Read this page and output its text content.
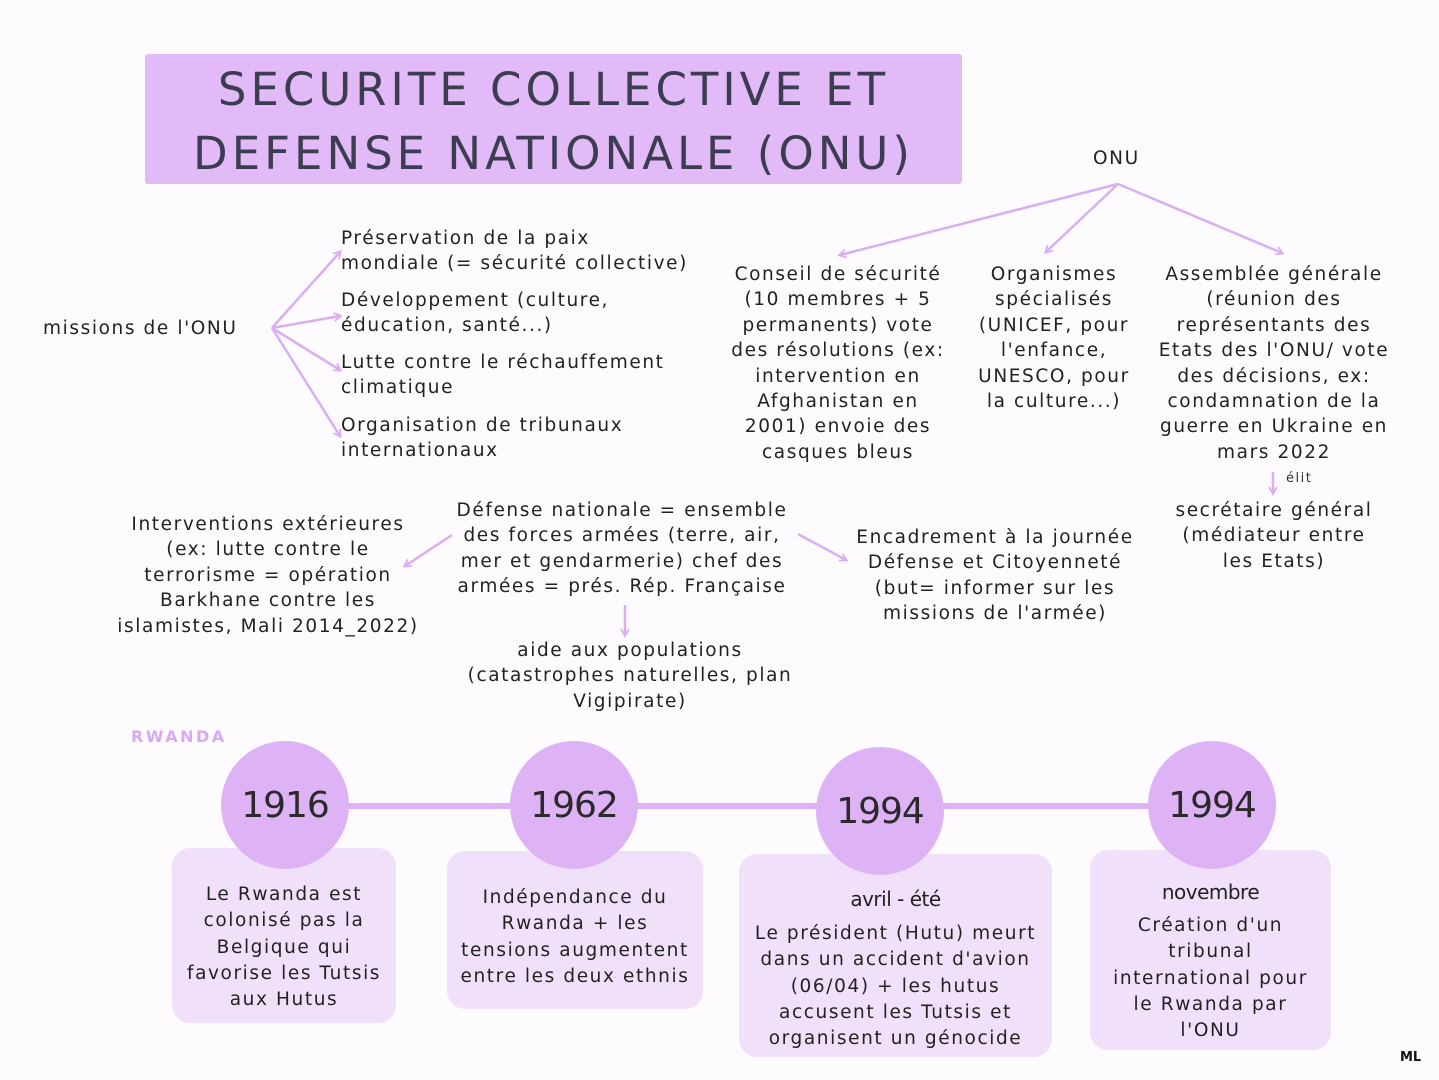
SECURITE COLLECTIVE ET
DEFENSE NATIONALE (ONU)
missions de l'ONU
Préservation de la paix
mondiale (= sécurité collective)
Développement (culture,
éducation, santé...)
Lutte contre le réchauffement
climatique
Organisation de tribunaux
internationaux
ONU
Conseil de sécurité
(10 membres + 5
permanents) vote
des résolutions (ex:
intervention en
Afghanistan en
2001) envoie des
casques bleus
Organismes
spécialisés
(UNICEF, pour
l'enfance,
UNESCO, pour
la culture...)
Assemblée générale
(réunion des
représentants des
Etats des l'ONU/ vote
des décisions, ex:
condamnation de la
guerre en Ukraine en
mars 2022
élit
secrétaire général
(médiateur entre
les Etats)
Défense nationale = ensemble
des forces armées (terre, air,
mer et gendarmerie) chef des
armées = prés. Rép. Française
Interventions extérieures
(ex: lutte contre le
terrorisme = opération
Barkhane contre les
islamistes, Mali 2014_2022)
Encadrement à la journée
Défense et Citoyenneté
(but= informer sur les
missions de l'armée)
aide aux populations
(catastrophes naturelles, plan
Vigipirate)
RWANDA
Le Rwanda est
colonisé pas la
Belgique qui
favorise les Tutsis
aux Hutus
1916
Indépendance du
Rwanda + les
tensions augmentent
entre les deux ethnis
1962
avril - été
Le président (Hutu) meurt
dans un accident d'avion
(06/04) + les hutus
accusent les Tutsis et
organisent un génocide
1994
novembre
Création d'un
tribunal
international pour
le Rwanda par
l'ONU
1994
ML
